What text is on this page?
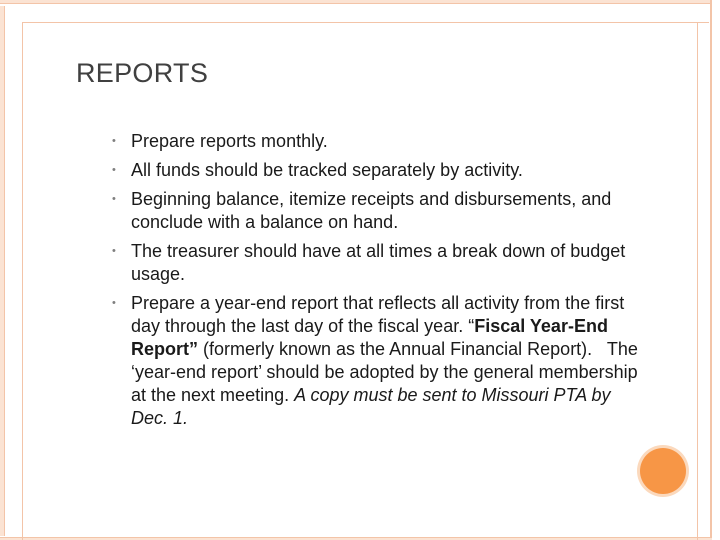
REPORTS
• Prepare reports monthly.
• All funds should be tracked separately by activity.
• Beginning balance, itemize receipts and disbursements, and conclude with a balance on hand.
• The treasurer should have at all times a break down of budget usage.
• Prepare a year-end report that reflects all activity from the first day through the last day of the fiscal year. “Fiscal Year-End Report” (formerly known as the Annual Financial Report).   The ‘year-end report’ should be adopted by the general membership at the next meeting. A copy must be sent to Missouri PTA by Dec. 1.
